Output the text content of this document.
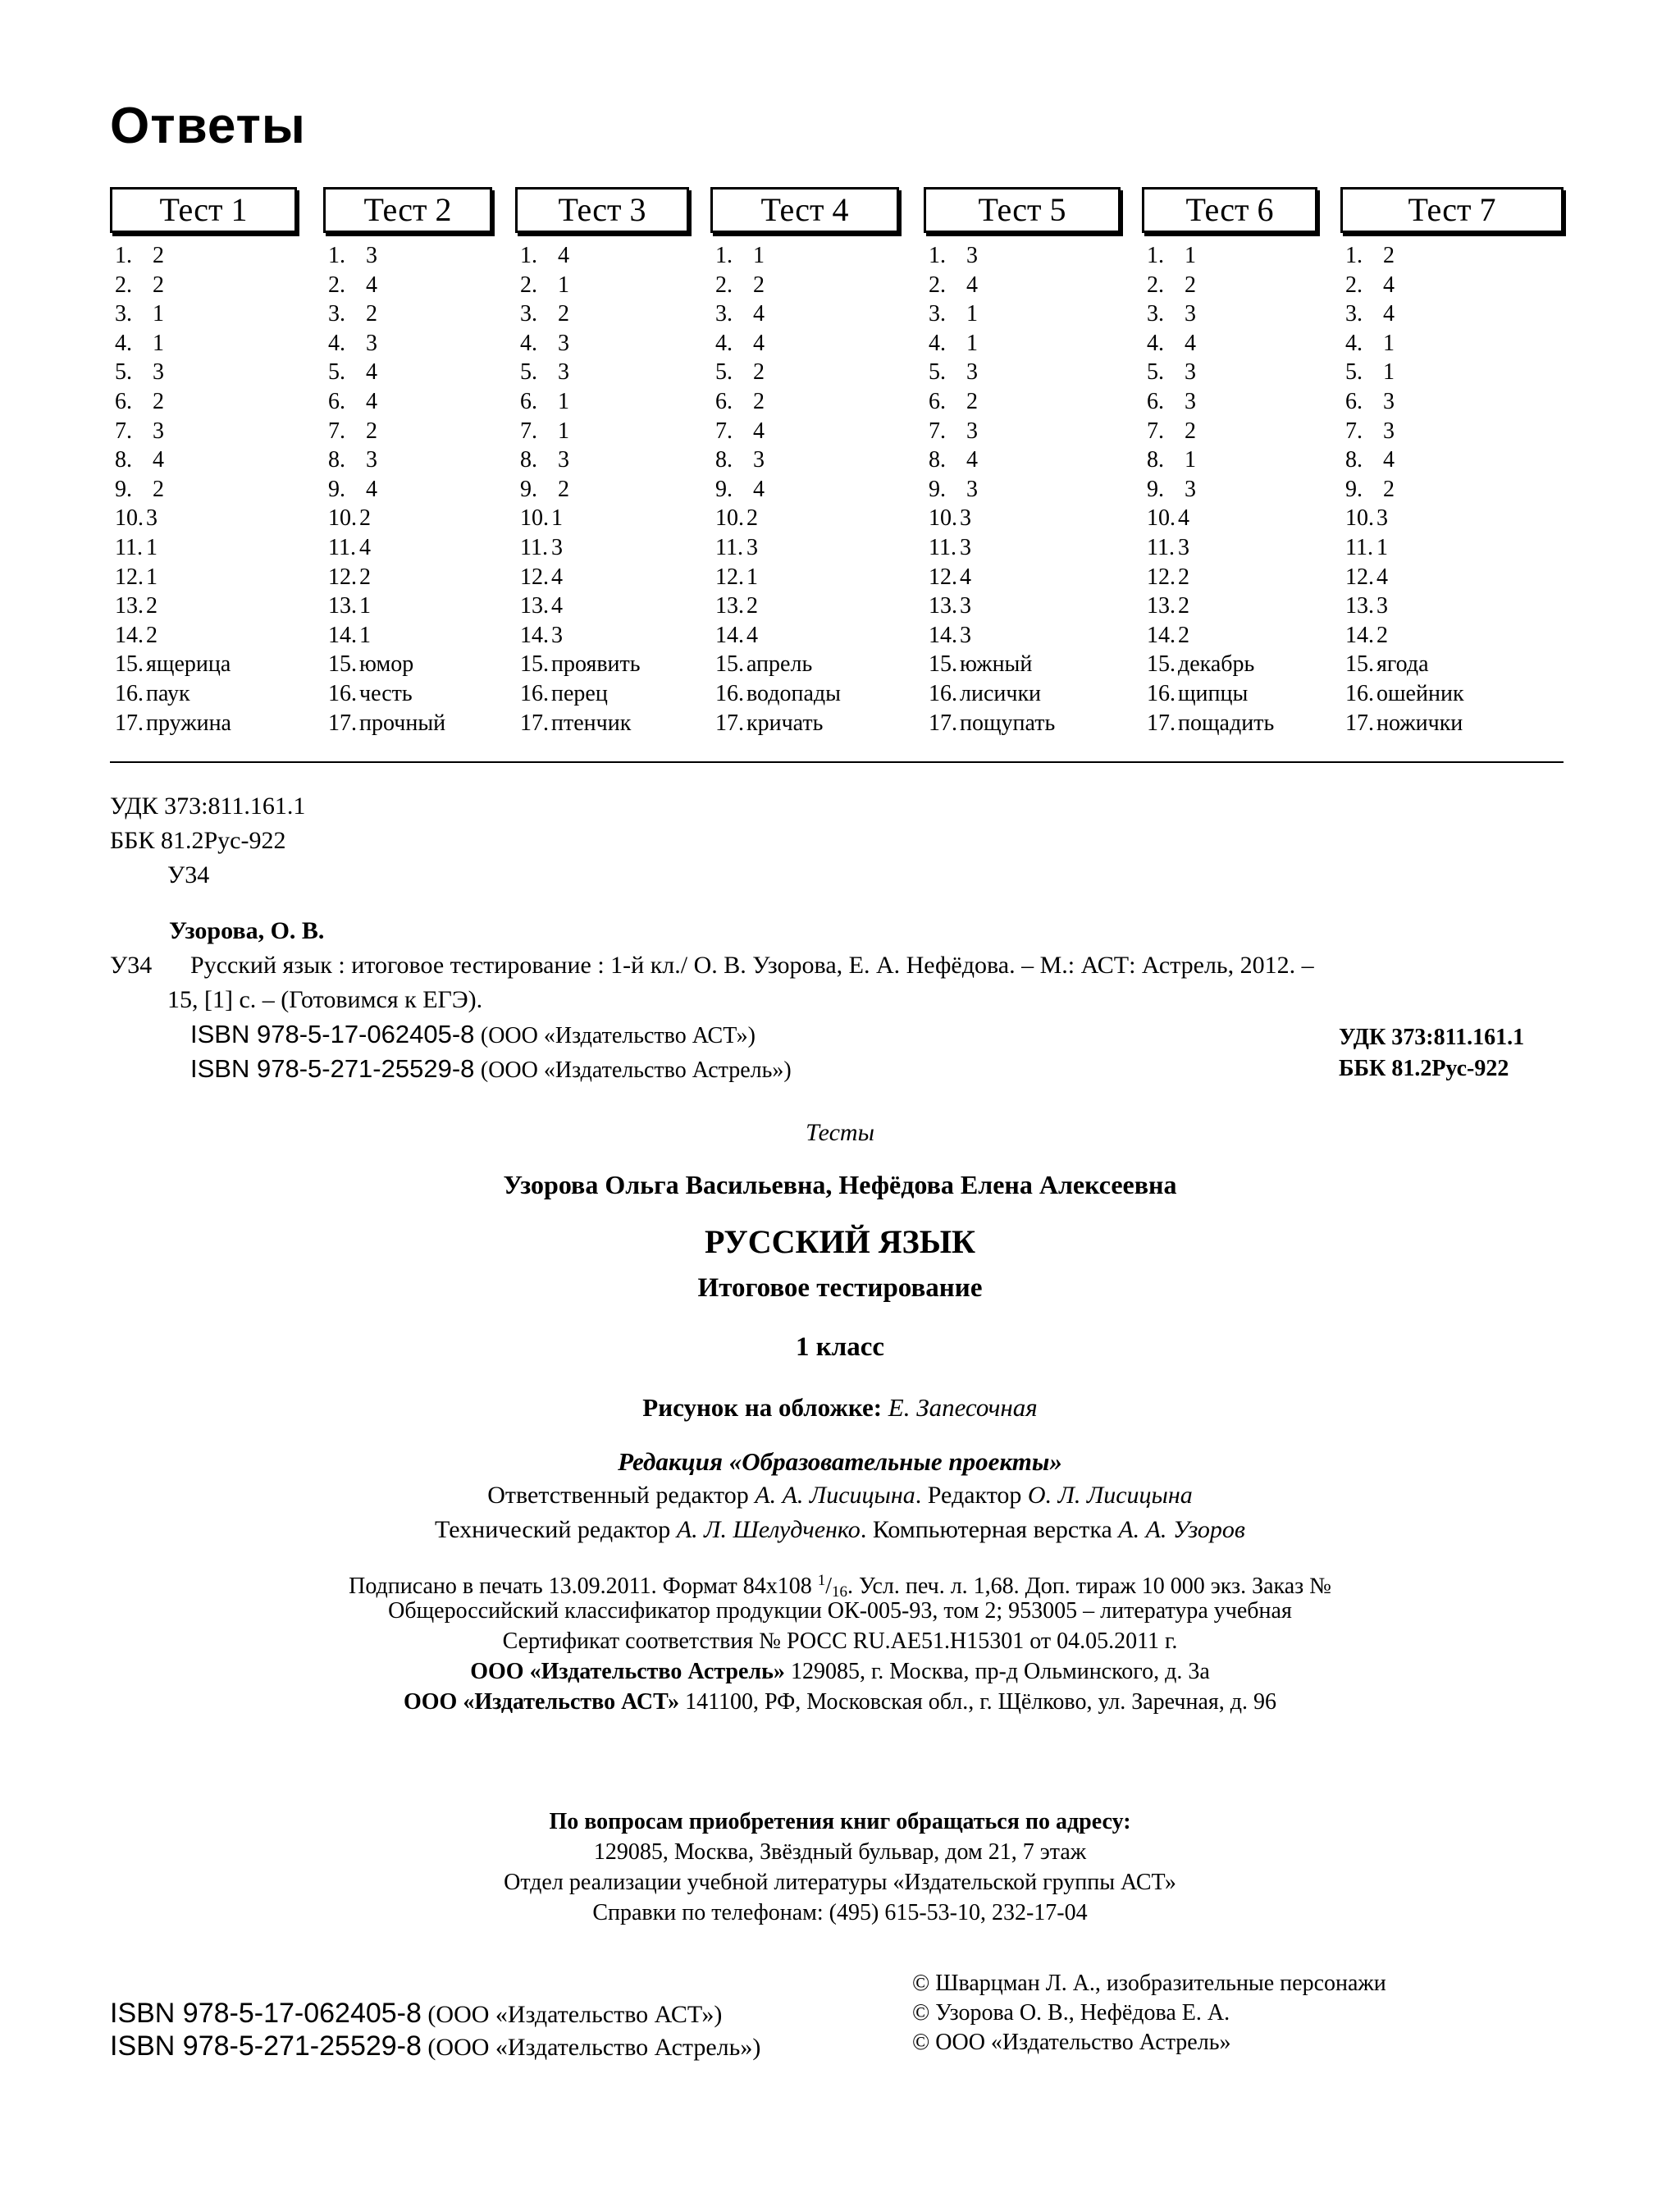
Ответы
Тест 1
1. 2
2. 2
3. 1
4. 1
5. 3
6. 2
7. 3
8. 4
9. 2
10. 3
11. 1
12. 1
13. 2
14. 2
15. ящерица
16. паук
17. пружина
Тест 2
1. 3
2. 4
3. 2
4. 3
5. 4
6. 4
7. 2
8. 3
9. 4
10. 2
11. 4
12. 2
13. 1
14. 1
15. юмор
16. честь
17. прочный
Тест 3
1. 4
2. 1
3. 2
4. 3
5. 3
6. 1
7. 1
8. 3
9. 2
10. 1
11. 3
12. 4
13. 4
14. 3
15. проявить
16. перец
17. птенчик
Тест 4
1. 1
2. 2
3. 4
4. 4
5. 2
6. 2
7. 4
8. 3
9. 4
10. 2
11. 3
12. 1
13. 2
14. 4
15. апрель
16. водопады
17. кричать
Тест 5
1. 3
2. 4
3. 1
4. 1
5. 3
6. 2
7. 3
8. 4
9. 3
10. 3
11. 3
12. 4
13. 3
14. 3
15. южный
16. лисички
17. пощупать
Тест 6
1. 1
2. 2
3. 3
4. 4
5. 3
6. 3
7. 2
8. 1
9. 3
10. 4
11. 3
12. 2
13. 2
14. 2
15. декабрь
16. щипцы
17. пощадить
Тест 7
1. 2
2. 4
3. 4
4. 1
5. 1
6. 3
7. 3
8. 4
9. 2
10. 3
11. 1
12. 4
13. 3
14. 2
15. ягода
16. ошейник
17. ножички
УДК 373:811.161.1
ББК 81.2Рус-922
У34
Узорова, О. В.
У34 Русский язык : итоговое тестирование : 1-й кл./ О. В. Узорова, Е. А. Нефёдова. – М.: АСТ: Астрель, 2012. –
15, [1] с. – (Готовимся к ЕГЭ).
ISBN 978-5-17-062405-8 (ООО «Издательство АСТ»)
ISBN 978-5-271-25529-8 (ООО «Издательство Астрель»)
УДК 373:811.161.1
ББК 81.2Рус-922
Тесты
Узорова Ольга Васильевна, Нефёдова Елена Алексеевна
РУССКИЙ ЯЗЫК
Итоговое тестирование
1 класс
Рисунок на обложке: Е. Запесочная
Редакция «Образовательные проекты»
Ответственный редактор А. А. Лисицына. Редактор О. Л. Лисицына
Технический редактор А. Л. Шелудченко. Компьютерная верстка А. А. Узоров
Подписано в печать 13.09.2011. Формат 84х108 $^1/_{16}$. Усл. печ. л. 1,68. Доп. тираж 10 000 экз. Заказ №
Общероссийский классификатор продукции ОК-005-93, том 2; 953005 – литература учебная
Сертификат соответствия № РОСС RU.АЕ51.Н15301 от 04.05.2011 г.
ООО «Издательство Астрель» 129085, г. Москва, пр-д Ольминского, д. 3а
ООО «Издательство АСТ» 141100, РФ, Московская обл., г. Щёлково, ул. Заречная, д. 96
По вопросам приобретения книг обращаться по адресу:
129085, Москва, Звёздный бульвар, дом 21, 7 этаж
Отдел реализации учебной литературы «Издательской группы АСТ»
Справки по телефонам: (495) 615-53-10, 232-17-04
© Шварцман Л. А., изобразительные персонажи
© Узорова О. В., Нефёдова Е. А.
© ООО «Издательство Астрель»
ISBN 978-5-17-062405-8 (ООО «Издательство АСТ»)
ISBN 978-5-271-25529-8 (ООО «Издательство Астрель»)
